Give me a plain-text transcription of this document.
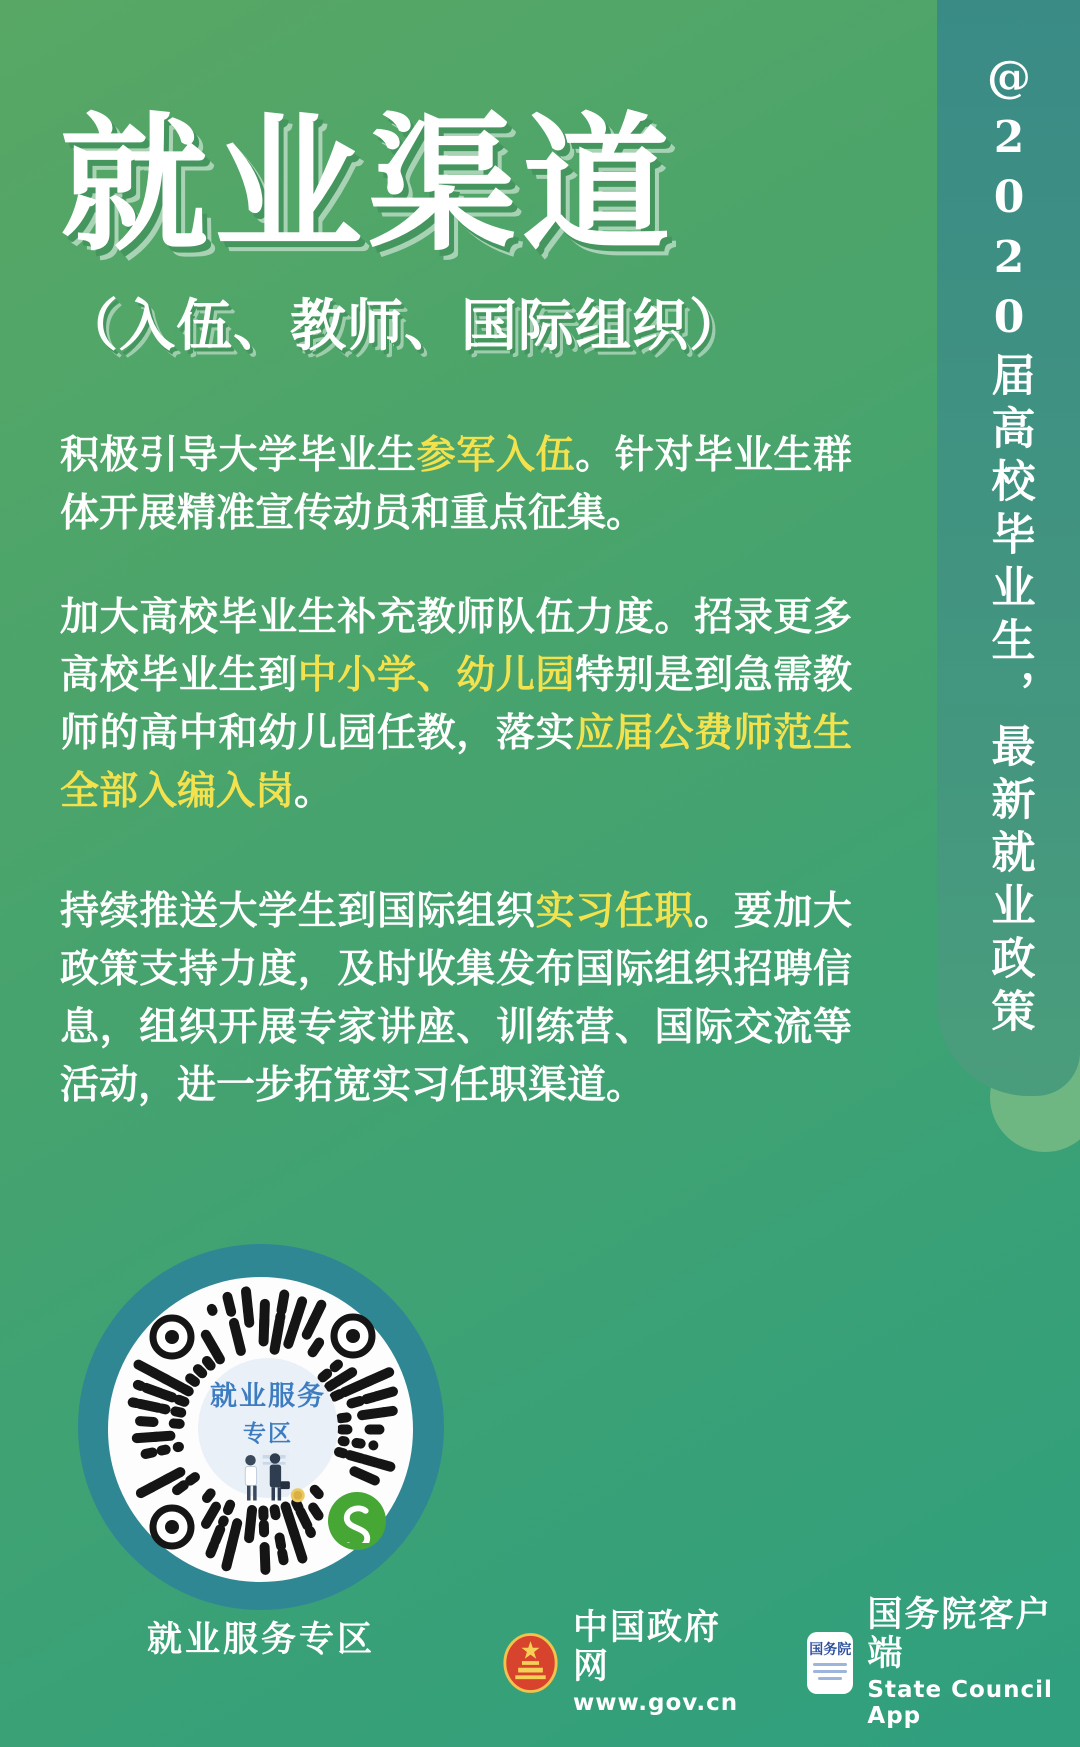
@2020届高校毕业生，最新就业政策
就业渠道
（入伍、教师、国际组织）

积极引导大学毕业生参军入伍。针对毕业生群体开展精准宣传动员和重点征集。

加大高校毕业生补充教师队伍力度。招录更多高校毕业生到中小学、幼儿园特别是到急需教师的高中和幼儿园任教，落实应届公费师范生全部入编入岗。

持续推送大学生到国际组织实习任职。要加大政策支持力度，及时收集发布国际组织招聘信息，组织开展专家讲座、训练营、国际交流等活动，进一步拓宽实习任职渠道。

就业服务
专区
就业服务专区	中国政府网
www.gov.cn
国务院
国务院客户端
State Council App
